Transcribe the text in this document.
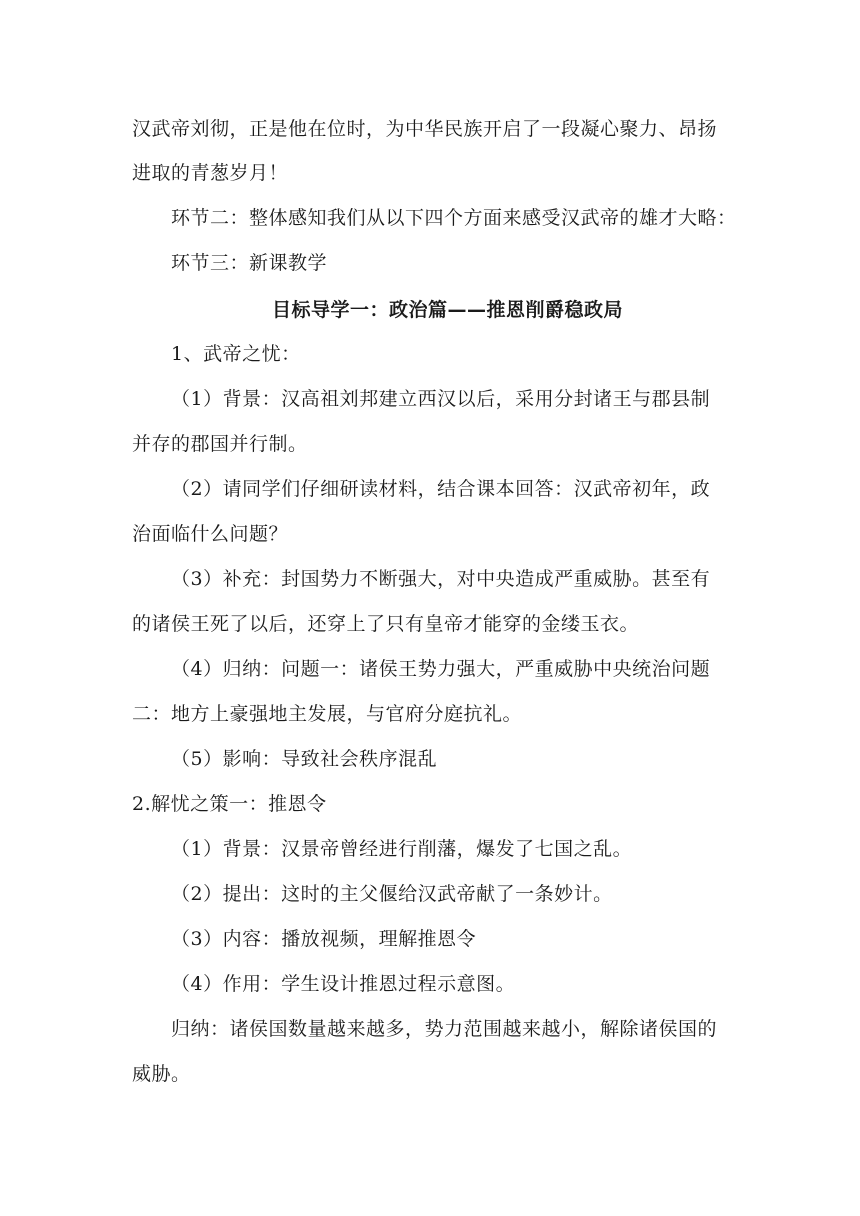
汉武帝刘彻，正是他在位时，为中华民族开启了一段凝心聚力、昂扬
进取的青葱岁月！
环节二：整体感知我们从以下四个方面来感受汉武帝的雄才大略：
环节三：新课教学
目标导学一：政治篇——推恩削爵稳政局
1、武帝之忧：
（1）背景：汉高祖刘邦建立西汉以后，采用分封诸王与郡县制
并存的郡国并行制。
（2）请同学们仔细研读材料，结合课本回答：汉武帝初年，政
治面临什么问题？
（3）补充：封国势力不断强大，对中央造成严重威胁。甚至有
的诸侯王死了以后，还穿上了只有皇帝才能穿的金缕玉衣。
（4）归纳：问题一：诸侯王势力强大，严重威胁中央统治问题
二：地方上豪强地主发展，与官府分庭抗礼。
（5）影响：导致社会秩序混乱
2.解忧之策一：推恩令
（1）背景：汉景帝曾经进行削藩，爆发了七国之乱。
（2）提出：这时的主父偃给汉武帝献了一条妙计。
（3）内容：播放视频，理解推恩令
（4）作用：学生设计推恩过程示意图。
归纳：诸侯国数量越来越多，势力范围越来越小，解除诸侯国的
威胁。
